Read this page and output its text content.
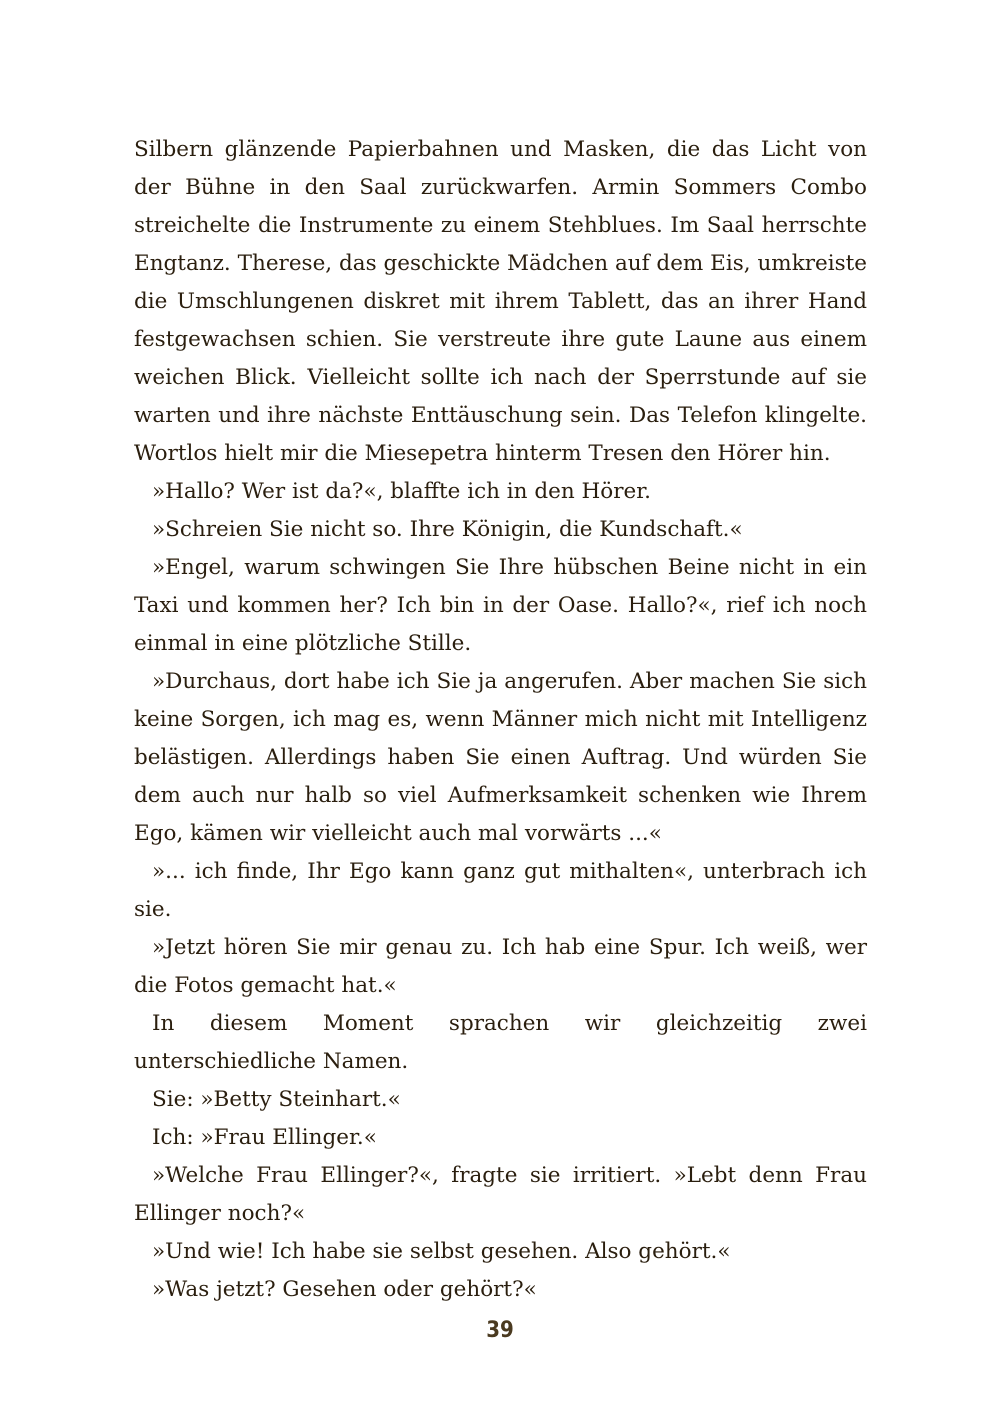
Silbern glänzende Papierbahnen und Masken, die das Licht von der Bühne in den Saal zurückwarfen. Armin Sommers Combo streichelte die Instrumente zu einem Stehblues. Im Saal herrschte Engtanz. Therese, das geschickte Mädchen auf dem Eis, umkreiste die Umschlungenen diskret mit ihrem Tablett, das an ihrer Hand festgewachsen schien. Sie verstreute ihre gute Laune aus einem weichen Blick. Vielleicht sollte ich nach der Sperrstunde auf sie warten und ihre nächste Enttäuschung sein. Das Telefon klingelte. Wortlos hielt mir die Miesepetra hinterm Tresen den Hörer hin.

»Hallo? Wer ist da?«, blaffte ich in den Hörer.

»Schreien Sie nicht so. Ihre Königin, die Kundschaft.«

»Engel, warum schwingen Sie Ihre hübschen Beine nicht in ein Taxi und kommen her? Ich bin in der Oase. Hallo?«, rief ich noch einmal in eine plötzliche Stille.

»Durchaus, dort habe ich Sie ja angerufen. Aber machen Sie sich keine Sorgen, ich mag es, wenn Männer mich nicht mit Intelligenz belästigen. Allerdings haben Sie einen Auftrag. Und würden Sie dem auch nur halb so viel Aufmerksamkeit schenken wie Ihrem Ego, kämen wir vielleicht auch mal vorwärts ...«

»... ich finde, Ihr Ego kann ganz gut mithalten«, unterbrach ich sie.

»Jetzt hören Sie mir genau zu. Ich hab eine Spur. Ich weiß, wer die Fotos gemacht hat.«

In diesem Moment sprachen wir gleichzeitig zwei unterschiedliche Namen.

Sie: »Betty Steinhart.«

Ich: »Frau Ellinger.«

»Welche Frau Ellinger?«, fragte sie irritiert. »Lebt denn Frau Ellinger noch?«

»Und wie! Ich habe sie selbst gesehen. Also gehört.«

»Was jetzt? Gesehen oder gehört?«

39
